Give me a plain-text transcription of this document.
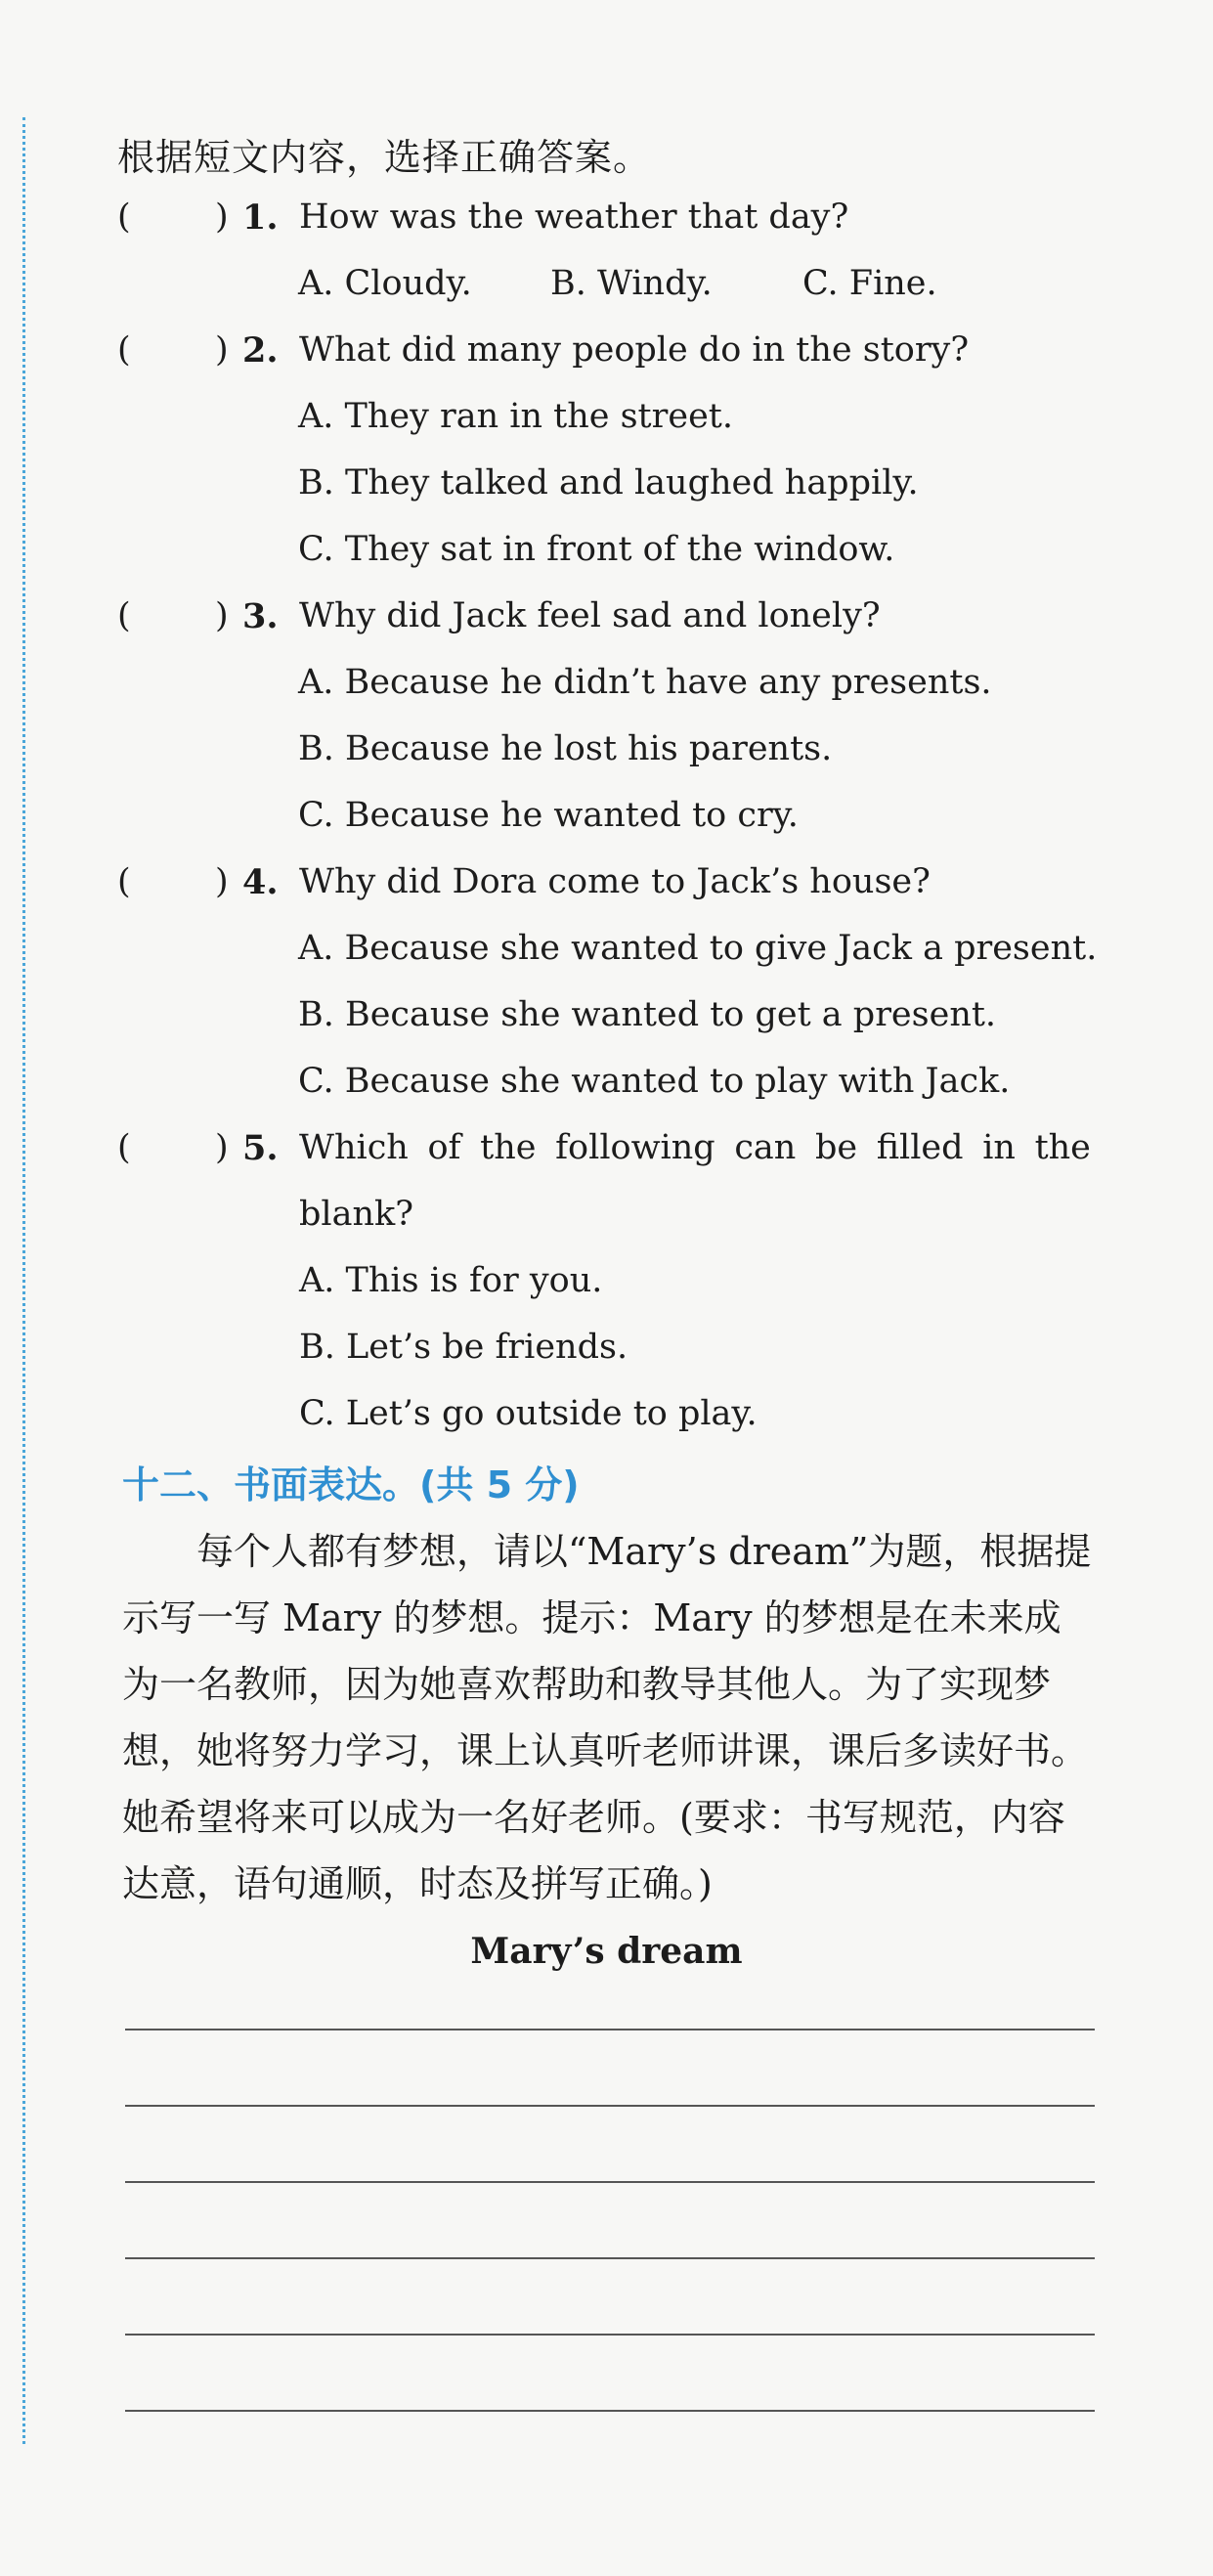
根据短文内容，选择正确答案。
( ) 1. How was the weather that day?
A. Cloudy. B. Windy.	C. Fine.
( ) 2. What did many people do in the story?
A. They ran in the street.
B. They talked and laughed happily.
C. They sat in front of the window.
( ) 3. Why did Jack feel sad and lonely?
A. Because he didn’t have any presents.
B. Because he lost his parents.
C. Because he wanted to cry.
( ) 4. Why did Dora come to Jack’s house?
A. Because she wanted to give Jack a present.
B. Because she wanted to get a present.
C. Because she wanted to play with Jack.
( ) 5. Which of the following can be filled in the
blank?
A. This is for you.
B. Let’s be friends.
C. Let’s go outside to play.
十二、书面表达。(共 5 分)
　　每个人都有梦想，请以“Mary’s dream”为题，根据提
示写一写 Mary 的梦想。提示：Mary 的梦想是在未来成
为一名教师，因为她喜欢帮助和教导其他人。为了实现梦
想，她将努力学习，课上认真听老师讲课，课后多读好书。
她希望将来可以成为一名好老师。(要求：书写规范，内容
达意，语句通顺，时态及拼写正确。)
Mary’s dream
